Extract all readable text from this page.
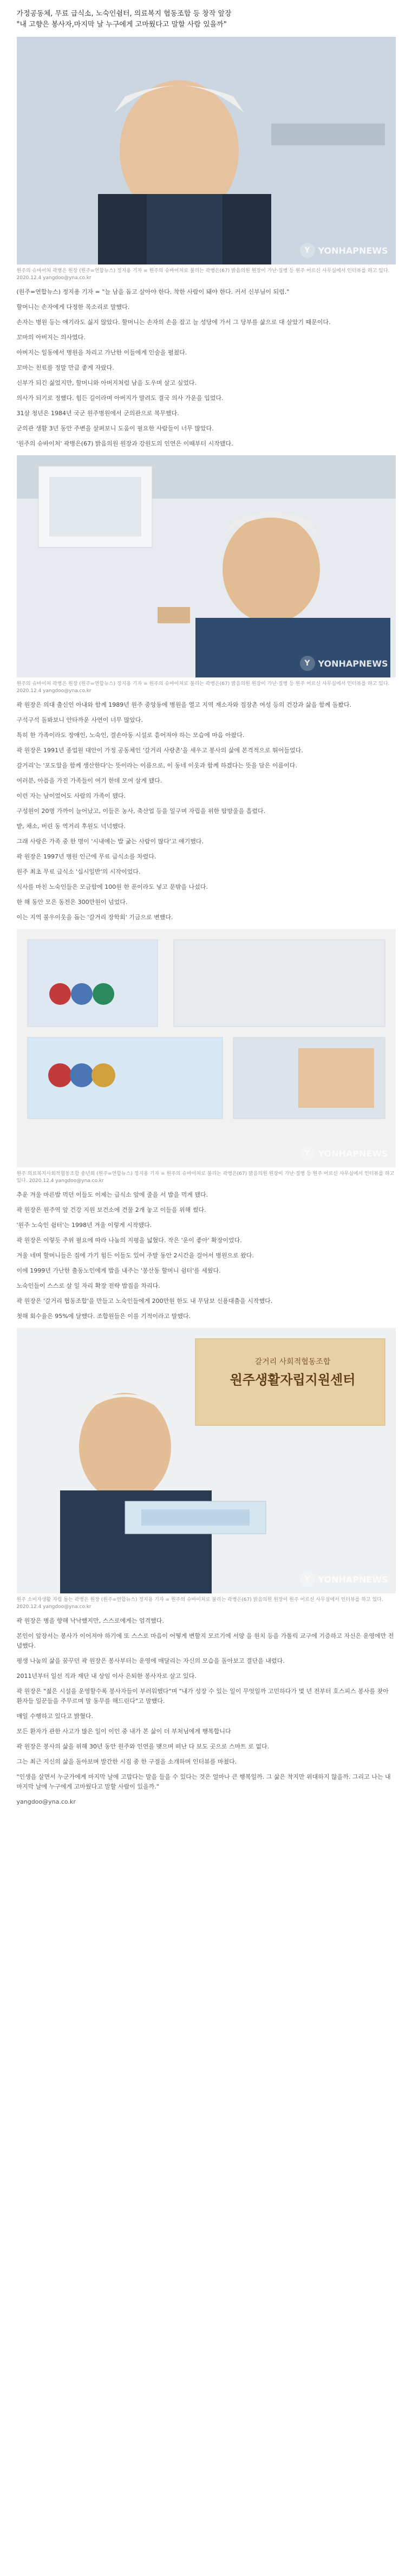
가정공동체, 무료 급식소, 노숙인쉼터, 의료복지 협동조합 등 창작 앞장
"내 고향은 봉사자,마지막 날 누구에게 고마웠다고 말할 사람 있을까"
Y YONHAPNEWS
원주의 슈바이처 곽병은 원장 (원주=연합뉴스) 정지용 기자 = 원주의 슈바이처로 불리는 곽병은(67) 밝음의원 원장이 가난·질병 등 원주 어르신 사무실에서 인터뷰를 하고 있다. 2020.12.4 yangdoo@yna.co.kr

(원주=연합뉴스) 정지용 기자 = "늘 남을 돕고 살아야 한다. 착한 사람이 돼야 한다. 커서 신부님이 되렴."

할머니는 손자에게 다정한 목소리로 말했다.

손자는 병원 등는 얘기라도 싫지 않았다. 할머니는 손자의 손을 잡고 늘 성당에 가서 그 당부를 삶으로 대 살았기 때문이다.

꼬마의 아버지는 의사였다.

아버지는 일동에서 병원을 차리고 가난한 이들에게 인술을 펼쳤다.

꼬마는 친료를 정말 만큼 좋게 자랐다.

신부가 되긴 싫었지만, 할머니와 아버지처럼 남을 도우며 살고 싶었다.

의사가 되기로 정했다. 힘든 길이라며 아버지가 말려도 결국 의사 가운을 입었다.

31살 청년은 1984년 국군 원주병원에서 군의관으로 복무했다.

군의관 생활 3년 동안 주변을 살펴보니 도움이 필요한 사람들이 너무 많았다.

'원주의 슈바이처' 곽병은(67) 밝음의원 원장과 강원도의 인연은 이때부터 시작됐다.

Y YONHAPNEWS
원주의 슈바이처 곽병은 원장 (원주=연합뉴스) 정지용 기자 = 원주의 슈바이처로 불리는 곽병은(67) 밝음의원 원장이 가난·질병 등 원주 어르신 사무실에서 인터뷰를 하고 있다. 2020.12.4 yangdoo@yna.co.kr

곽 원장은 의대 출신인 아내와 함께 1989년 원주 중앙동에 병원을 열고 지역 재소자와 집장촌 여성 등의 건강과 삶을 함께 돌봤다.

구석구석 돌봐보니 안타까운 사연이 너무 많았다.

특히 한 가족이라도 장애인, 노숙인, 결손아동 시설로 흩어져야 하는 모습에 마음 아팠다.

곽 원장은 1991년 종업원 대안이 가정 공동체인 '갈거리 사랑촌'을 세우고 봉사의 삶에 본격적으로 뛰어들었다.

갈거리'는 '포도알을 함께 생산한다'는 뜻이라는 이름으로, 이 동네 이웃과 함께 하겠다는 뜻을 담은 이름이다.

여러분, 아픔을 가진 가족들이 여기 한데 모여 살게 됐다.

이런 자는 남이었어도 사람의 가족이 됐다.

구성원이 20명 가까이 늘어났고, 이들은 농사, 축산업 등을 일구며 자립을 위한 땀방울을 흘렸다.

밭, 채소, 버린 동 역거리 후원도 넉넉했다.

그래 사랑은 가족 중 한 명이 '시내에는 밥 굶는 사람이 많다'고 얘기했다.

곽 원장은 1997년 병원 인근에 무료 급식소를 차렸다.

원주 최초 무료 급식소 '십시일반'의 시작이었다.

식사를 마친 노숙인들은 모금함에 100원 한 푼이라도 넣고 문밖을 나섰다.

한 해 동안 모은 동전은 300만원이 넘었다.

이는 지역 불우이웃을 돕는 '갈거리 장학회' 기금으로 변했다.

Y YONHAPNEWS
원주 의료복지사회적협동조합 송년회 (원주=연합뉴스) 정지용 기자 = 원주의 슈바이처로 불리는 곽병은(67) 밝음의원 원장이 가난·질병 등 원주 어르신 사무실에서 인터뷰를 하고 있다. 2020.12.4 yangdoo@yna.co.kr

추운 겨울 마른밥 먹던 이들도 이제는 급식소 앞에 줄을 서 밥을 먹게 됐다.

곽 원장은 원주역 앞 건강 지원 보건소에 건물 2개 놓고 이들을 위해 썼다.

'원주 노숙인 쉼터'는 1998년 겨울 이렇게 시작됐다.

곽 원장은 이렇듯 주위 필요에 따라 나눔의 지평을 넓혔다. 작은 '운이 좋아' 확장이었다.

겨울 네며 할머니들은 집에 가기 힘든 이들도 있어 주말 동안 2시간을 걸어서 병원으로 왔다.

이에 1999년 가난한 출동노인에게 밥을 내주는 '봉산동 할머니 쉼터'를 세웠다.

노숙인들이 스스로 살 일 자리 확장 전략 밥집을 차리다.

곽 원장은 '갈거리 협동조합'을 만들고 노숙인들에게 200만원 한도 내 무담보 신용대출을 시작했다.

첫해 회수율은 95%에 달했다. 조합원들은 이를 기적이라고 말했다.

갈거리 사회적협동조합
원주생활자립지원센터
Y YONHAPNEWS
원주 소비자생활 자립 돕는 곽병은 원장 (원주=연합뉴스) 정지용 기자 = 원주의 슈바이처로 불리는 곽병은(67) 밝음의원 원장이 원주 어르신 사무실에서 인터뷰를 하고 있다. 2020.12.4 yangdoo@yna.co.kr

곽 원장은 병을 향해 낙낙했지만, 스스로에게는 엄격했다.

본인이 앞장서는 봉사가 이어져야 하기에 또 스스로 마음이 어떻게 변할지 모르기에 서양 을 원치 등을 가톨릭 교구에 기증하고 자신은 운영에만 전념했다.

평생 나눔의 삶을 꿈꾸던 곽 원장은 봉사부터는 운영에 매달리는 자신의 모습을 돌아보고 결단을 내렸다.

2011년부터 일선 직과 재단 내 상임 이사 은퇴한 봉사자로 살고 있다.

곽 원장은 "젊은 시설을 운영할수록 봉사자들이 부러워했다"며 "내가 성장 수 있는 일이 무엇일까 고민하다가 몇 년 전부터 호스피스 봉사를 찾아 환자들 일꾼들을 주무르며 말 동무를 해드린다"고 말했다.

매일 수행하고 있다고 밝혔다.

모든 환자가 관한 사고가 많은 일이 이인 중 내가 본 삶이 더 부처님에게 행복합니다

곽 원장은 봉사의 삶을 위해 30년 동안 원주와 인연을 맺으며 떠난 다 보도 곳으로 스마트 로 없다.

그는 최근 지신의 삶을 돌아보며 발간한 시집 중 한 구절을 소개하며 인터뷰를 마쳤다.

"인생을 살면서 누군가에게 마지막 날에 고맙다는 말을 들을 수 있다는 것은 얼마나 큰 행복일까. 그 삶은 착지만 위대하지 않을까. 그리고 나는 내 마지막 날에 누구에게 고마웠다고 말할 사람이 있을까."

yangdoo@yna.co.kr
